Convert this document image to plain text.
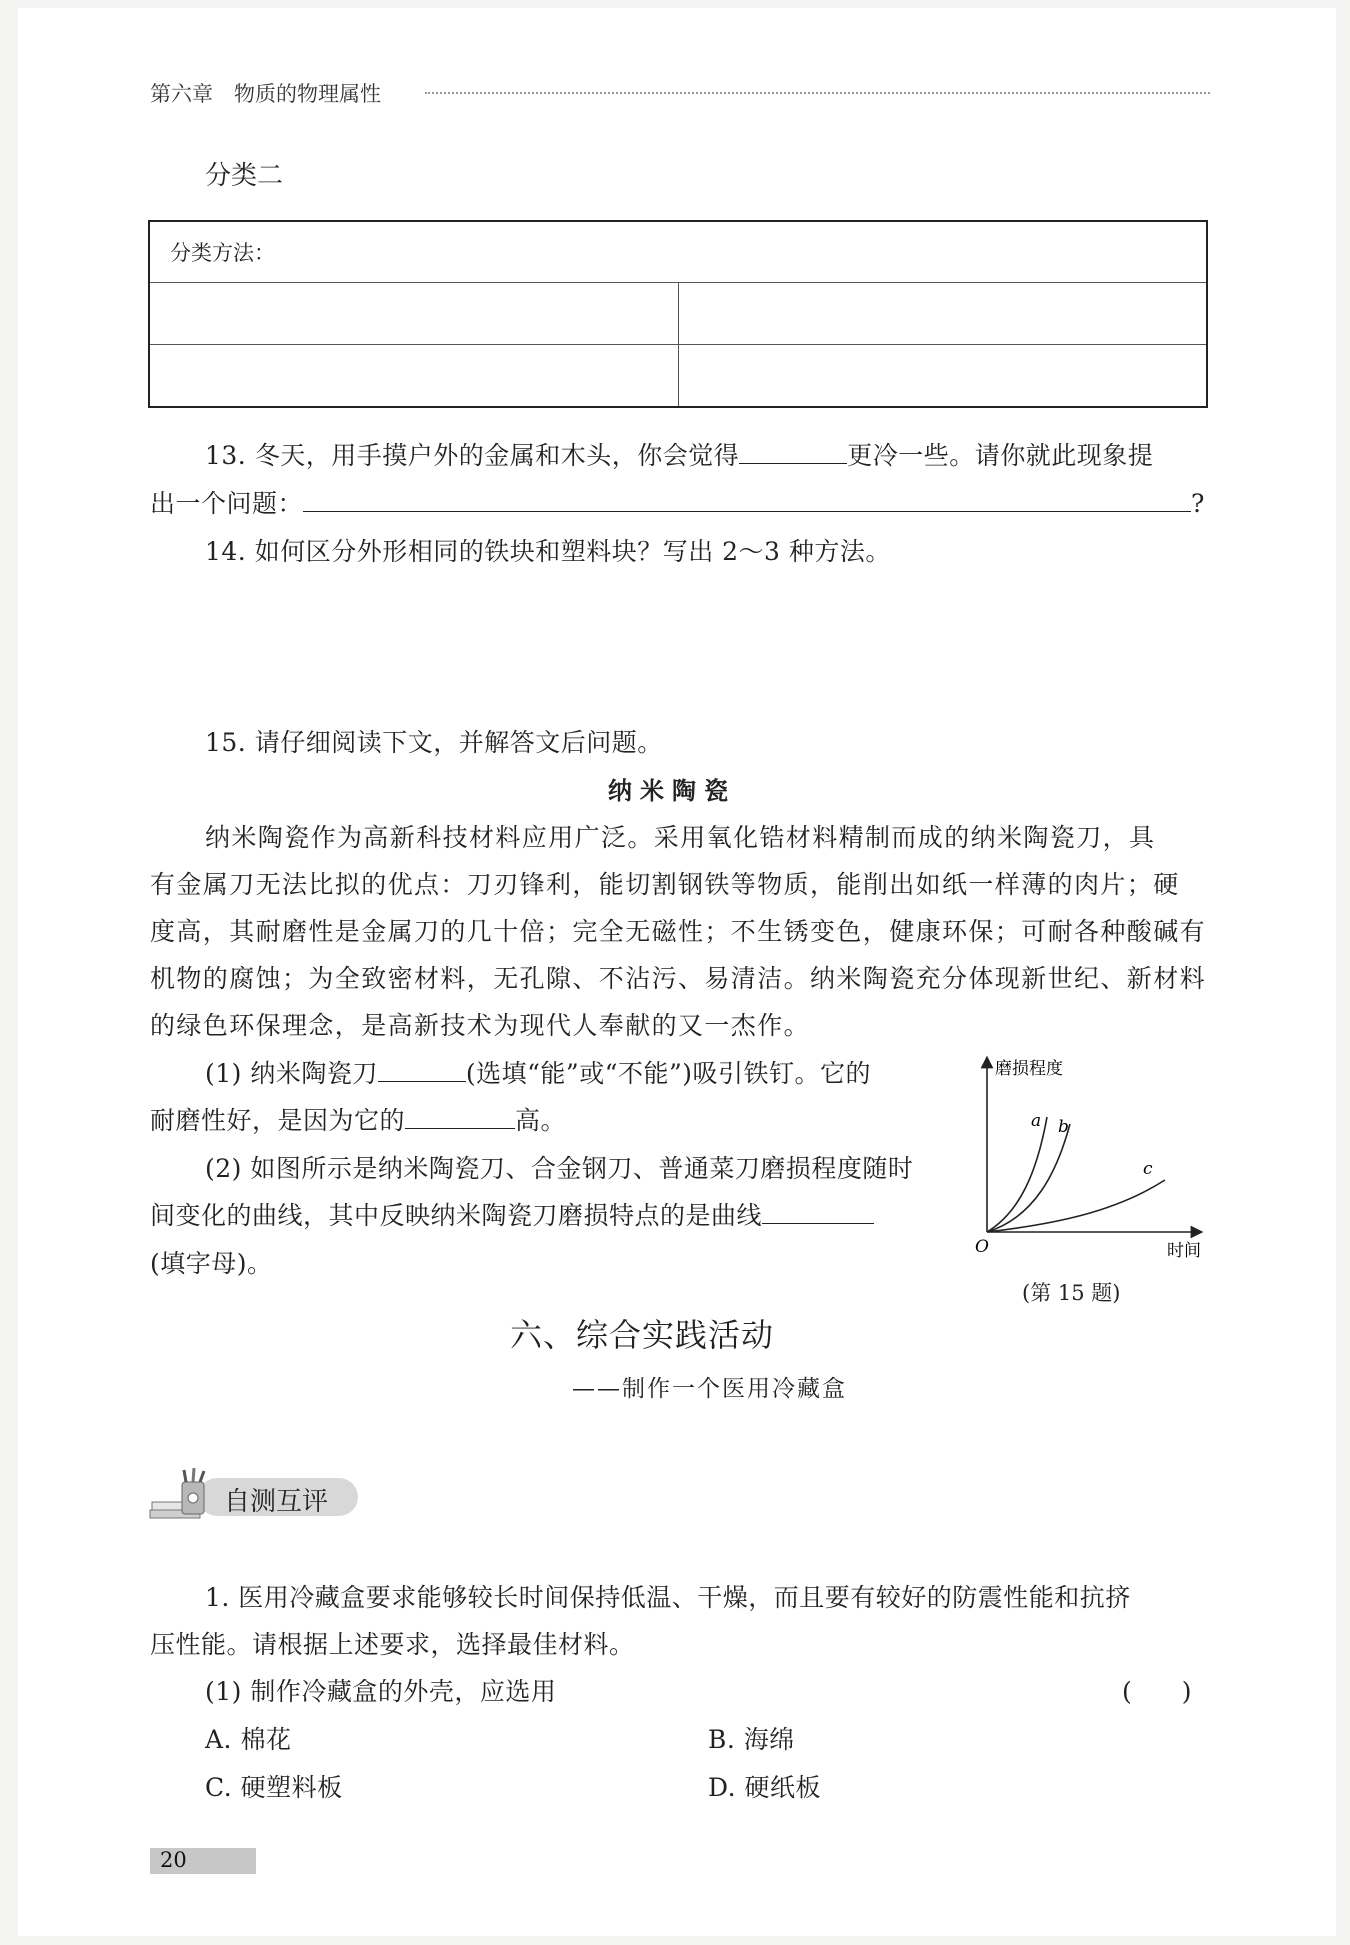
第六章　物质的物理属性
分类二
分类方法：	

13. 冬天，用手摸户外的金属和木头，你会觉得	更冷一些。请你就此现象提

出一个问题：	?

14. 如何区分外形相同的铁块和塑料块？写出 2～3 种方法。

15. 请仔细阅读下文，并解答文后问题。

纳米陶瓷

纳米陶瓷作为高新科技材料应用广泛。采用氧化锆材料精制而成的纳米陶瓷刀，具

有金属刀无法比拟的优点：刀刃锋利，能切割钢铁等物质，能削出如纸一样薄的肉片；硬

度高，其耐磨性是金属刀的几十倍；完全无磁性；不生锈变色，健康环保；可耐各种酸碱有

机物的腐蚀；为全致密材料，无孔隙、不沾污、易清洁。纳米陶瓷充分体现新世纪、新材料

的绿色环保理念，是高新技术为现代人奉献的又一杰作。

(1) 纳米陶瓷刀	(选填“能”或“不能”)吸引铁钉。它的

耐磨性好，是因为它的	高。

(2) 如图所示是纳米陶瓷刀、合金钢刀、普通菜刀磨损程度随时

间变化的曲线，其中反映纳米陶瓷刀磨损特点的是曲线

(填字母)。

磨损程度
a b
c
O	时间
(第 15 题)
六、综合实践活动
——制作一个医用冷藏盒
自测互评

1. 医用冷藏盒要求能够较长时间保持低温、干燥，而且要有较好的防震性能和抗挤

压性能。请根据上述要求，选择最佳材料。

(1) 制作冷藏盒的外壳，应选用	(　　)

A. 棉花	B. 海绵

C. 硬塑料板	D. 硬纸板

20
